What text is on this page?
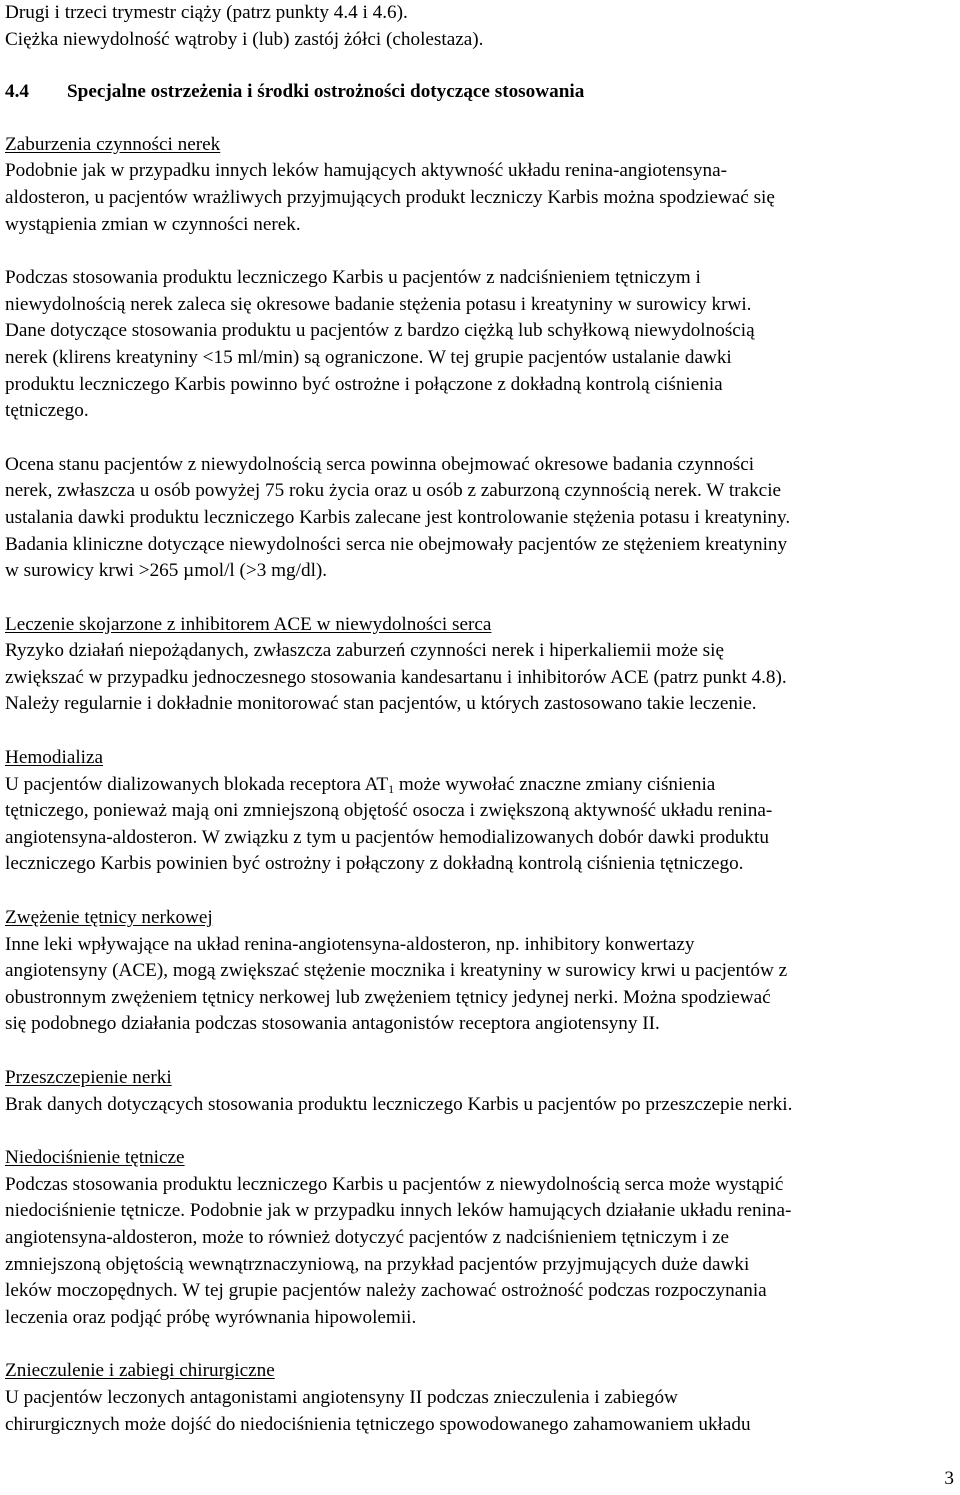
Drugi i trzeci trymestr ciąży (patrz punkty 4.4 i 4.6).
Ciężka niewydolność wątroby i (lub) zastój żółci (cholestaza).
4.4 Specjalne ostrzeżenia i środki ostrożności dotyczące stosowania
Zaburzenia czynności nerek
Podobnie jak w przypadku innych leków hamujących aktywność układu renina-angiotensyna-
aldosteron, u pacjentów wrażliwych przyjmujących produkt leczniczy Karbis można spodziewać się
wystąpienia zmian w czynności nerek.
Podczas stosowania produktu leczniczego Karbis u pacjentów z nadciśnieniem tętniczym i
niewydolnością nerek zaleca się okresowe badanie stężenia potasu i kreatyniny w surowicy krwi.
Dane dotyczące stosowania produktu u pacjentów z bardzo ciężką lub schyłkową niewydolnością
nerek (klirens kreatyniny <15 ml/min) są ograniczone. W tej grupie pacjentów ustalanie dawki
produktu leczniczego Karbis powinno być ostrożne i połączone z dokładną kontrolą ciśnienia
tętniczego.
Ocena stanu pacjentów z niewydolnością serca powinna obejmować okresowe badania czynności
nerek, zwłaszcza u osób powyżej 75 roku życia oraz u osób z zaburzoną czynnością nerek. W trakcie
ustalania dawki produktu leczniczego Karbis zalecane jest kontrolowanie stężenia potasu i kreatyniny.
Badania kliniczne dotyczące niewydolności serca nie obejmowały pacjentów ze stężeniem kreatyniny
w surowicy krwi >265 µmol/l (>3 mg/dl).
Leczenie skojarzone z inhibitorem ACE w niewydolności serca
Ryzyko działań niepożądanych, zwłaszcza zaburzeń czynności nerek i hiperkaliemii może się
zwiększać w przypadku jednoczesnego stosowania kandesartanu i inhibitorów ACE (patrz punkt 4.8).
Należy regularnie i dokładnie monitorować stan pacjentów, u których zastosowano takie leczenie.
Hemodializa
U pacjentów dializowanych blokada receptora $AT_1$ może wywołać znaczne zmiany ciśnienia
tętniczego, ponieważ mają oni zmniejszoną objętość osocza i zwiększoną aktywność układu renina-
angiotensyna-aldosteron. W związku z tym u pacjentów hemodializowanych dobór dawki produktu
leczniczego Karbis powinien być ostrożny i połączony z dokładną kontrolą ciśnienia tętniczego.
Zwężenie tętnicy nerkowej
Inne leki wpływające na układ renina-angiotensyna-aldosteron, np. inhibitory konwertazy
angiotensyny (ACE), mogą zwiększać stężenie mocznika i kreatyniny w surowicy krwi u pacjentów z
obustronnym zwężeniem tętnicy nerkowej lub zwężeniem tętnicy jedynej nerki. Można spodziewać
się podobnego działania podczas stosowania antagonistów receptora angiotensyny II.
Przeszczepienie nerki
Brak danych dotyczących stosowania produktu leczniczego Karbis u pacjentów po przeszczepie nerki.
Niedociśnienie tętnicze
Podczas stosowania produktu leczniczego Karbis u pacjentów z niewydolnością serca może wystąpić
niedociśnienie tętnicze. Podobnie jak w przypadku innych leków hamujących działanie układu renina-
angiotensyna-aldosteron, może to również dotyczyć pacjentów z nadciśnieniem tętniczym i ze
zmniejszoną objętością wewnątrznaczyniową, na przykład pacjentów przyjmujących duże dawki
leków moczopędnych. W tej grupie pacjentów należy zachować ostrożność podczas rozpoczynania
leczenia oraz podjąć próbę wyrównania hipowolemii.
Znieczulenie i zabiegi chirurgiczne
U pacjentów leczonych antagonistami angiotensyny II podczas znieczulenia i zabiegów
chirurgicznych może dojść do niedociśnienia tętniczego spowodowanego zahamowaniem układu
3
